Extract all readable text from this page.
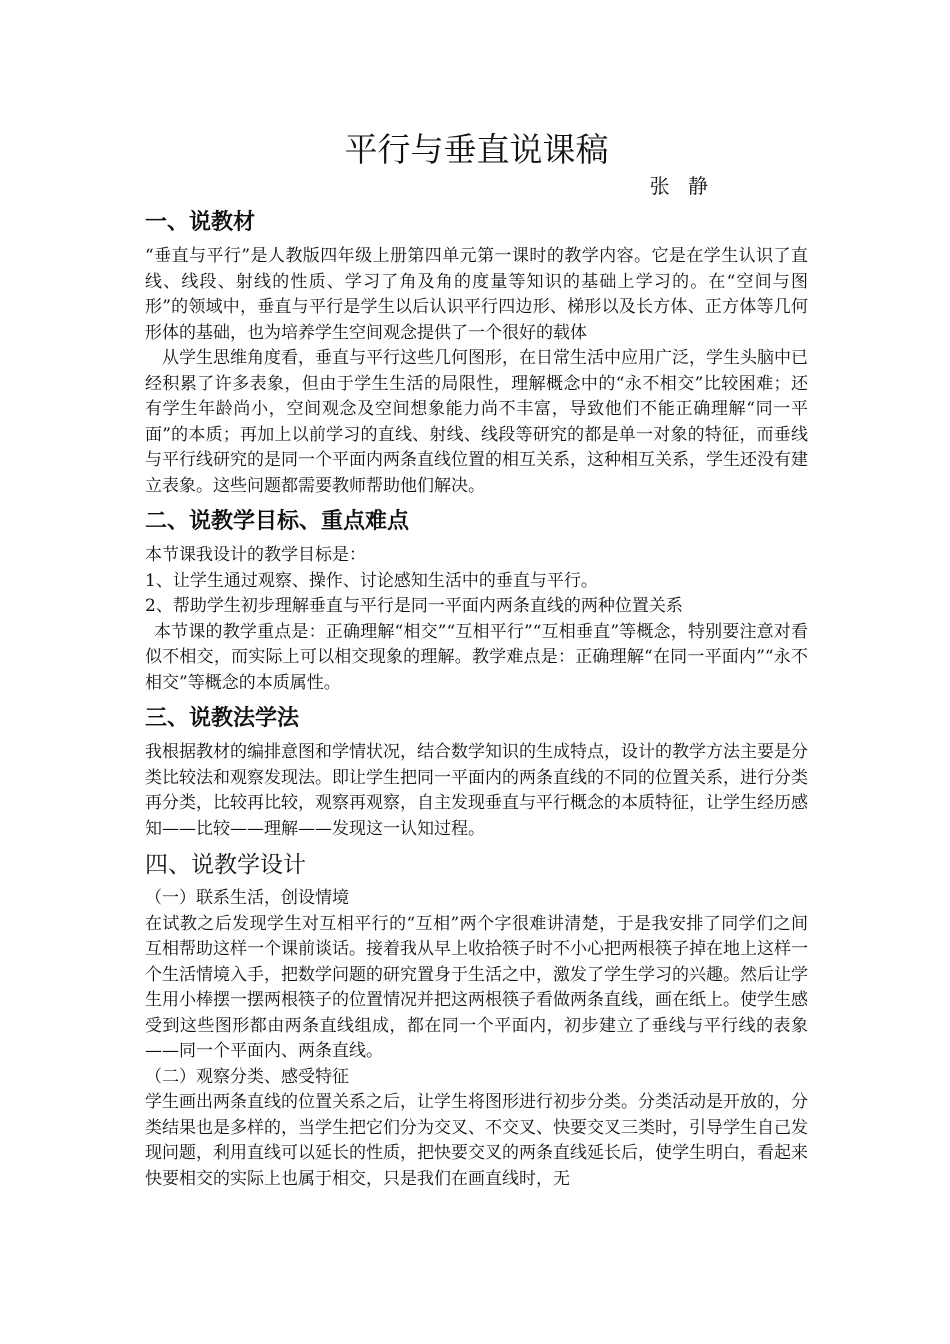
平行与垂直说课稿

张 静

一、说教材

“垂直与平行”是人教版四年级上册第四单元第一课时的教学内容。它是在学生认识了直线、线段、射线的性质、学习了角及角的度量等知识的基础上学习的。在“空间与图形”的领域中，垂直与平行是学生以后认识平行四边形、梯形以及长方体、正方体等几何形体的基础，也为培养学生空间观念提供了一个很好的载体

从学生思维角度看，垂直与平行这些几何图形，在日常生活中应用广泛，学生头脑中已经积累了许多表象，但由于学生生活的局限性，理解概念中的“永不相交”比较困难；还有学生年龄尚小，空间观念及空间想象能力尚不丰富，导致他们不能正确理解“同一平面”的本质；再加上以前学习的直线、射线、线段等研究的都是单一对象的特征，而垂线与平行线研究的是同一个平面内两条直线位置的相互关系，这种相互关系，学生还没有建立表象。这些问题都需要教师帮助他们解决。

二、说教学目标、重点难点

本节课我设计的教学目标是：

1、让学生通过观察、操作、讨论感知生活中的垂直与平行。

2、帮助学生初步理解垂直与平行是同一平面内两条直线的两种位置关系

本节课的教学重点是：正确理解“相交”“互相平行”“互相垂直”等概念，特别要注意对看似不相交，而实际上可以相交现象的理解。教学难点是：正确理解“在同一平面内”“永不相交”等概念的本质属性。

三、说教法学法

我根据教材的编排意图和学情状况，结合数学知识的生成特点，设计的教学方法主要是分类比较法和观察发现法。即让学生把同一平面内的两条直线的不同的位置关系，进行分类再分类，比较再比较，观察再观察，自主发现垂直与平行概念的本质特征，让学生经历感知——比较——理解——发现这一认知过程。

四、说教学设计

（一）联系生活，创设情境

在试教之后发现学生对互相平行的“互相”两个字很难讲清楚，于是我安排了同学们之间互相帮助这样一个课前谈话。接着我从早上收拾筷子时不小心把两根筷子掉在地上这样一个生活情境入手，把数学问题的研究置身于生活之中，激发了学生学习的兴趣。然后让学生用小棒摆一摆两根筷子的位置情况并把这两根筷子看做两条直线，画在纸上。使学生感受到这些图形都由两条直线组成，都在同一个平面内，初步建立了垂线与平行线的表象——同一个平面内、两条直线。

（二）观察分类、感受特征

学生画出两条直线的位置关系之后，让学生将图形进行初步分类。分类活动是开放的，分类结果也是多样的，当学生把它们分为交叉、不交叉、快要交叉三类时，引导学生自己发现问题，利用直线可以延长的性质，把快要交叉的两条直线延长后，使学生明白，看起来快要相交的实际上也属于相交，只是我们在画直线时，无
